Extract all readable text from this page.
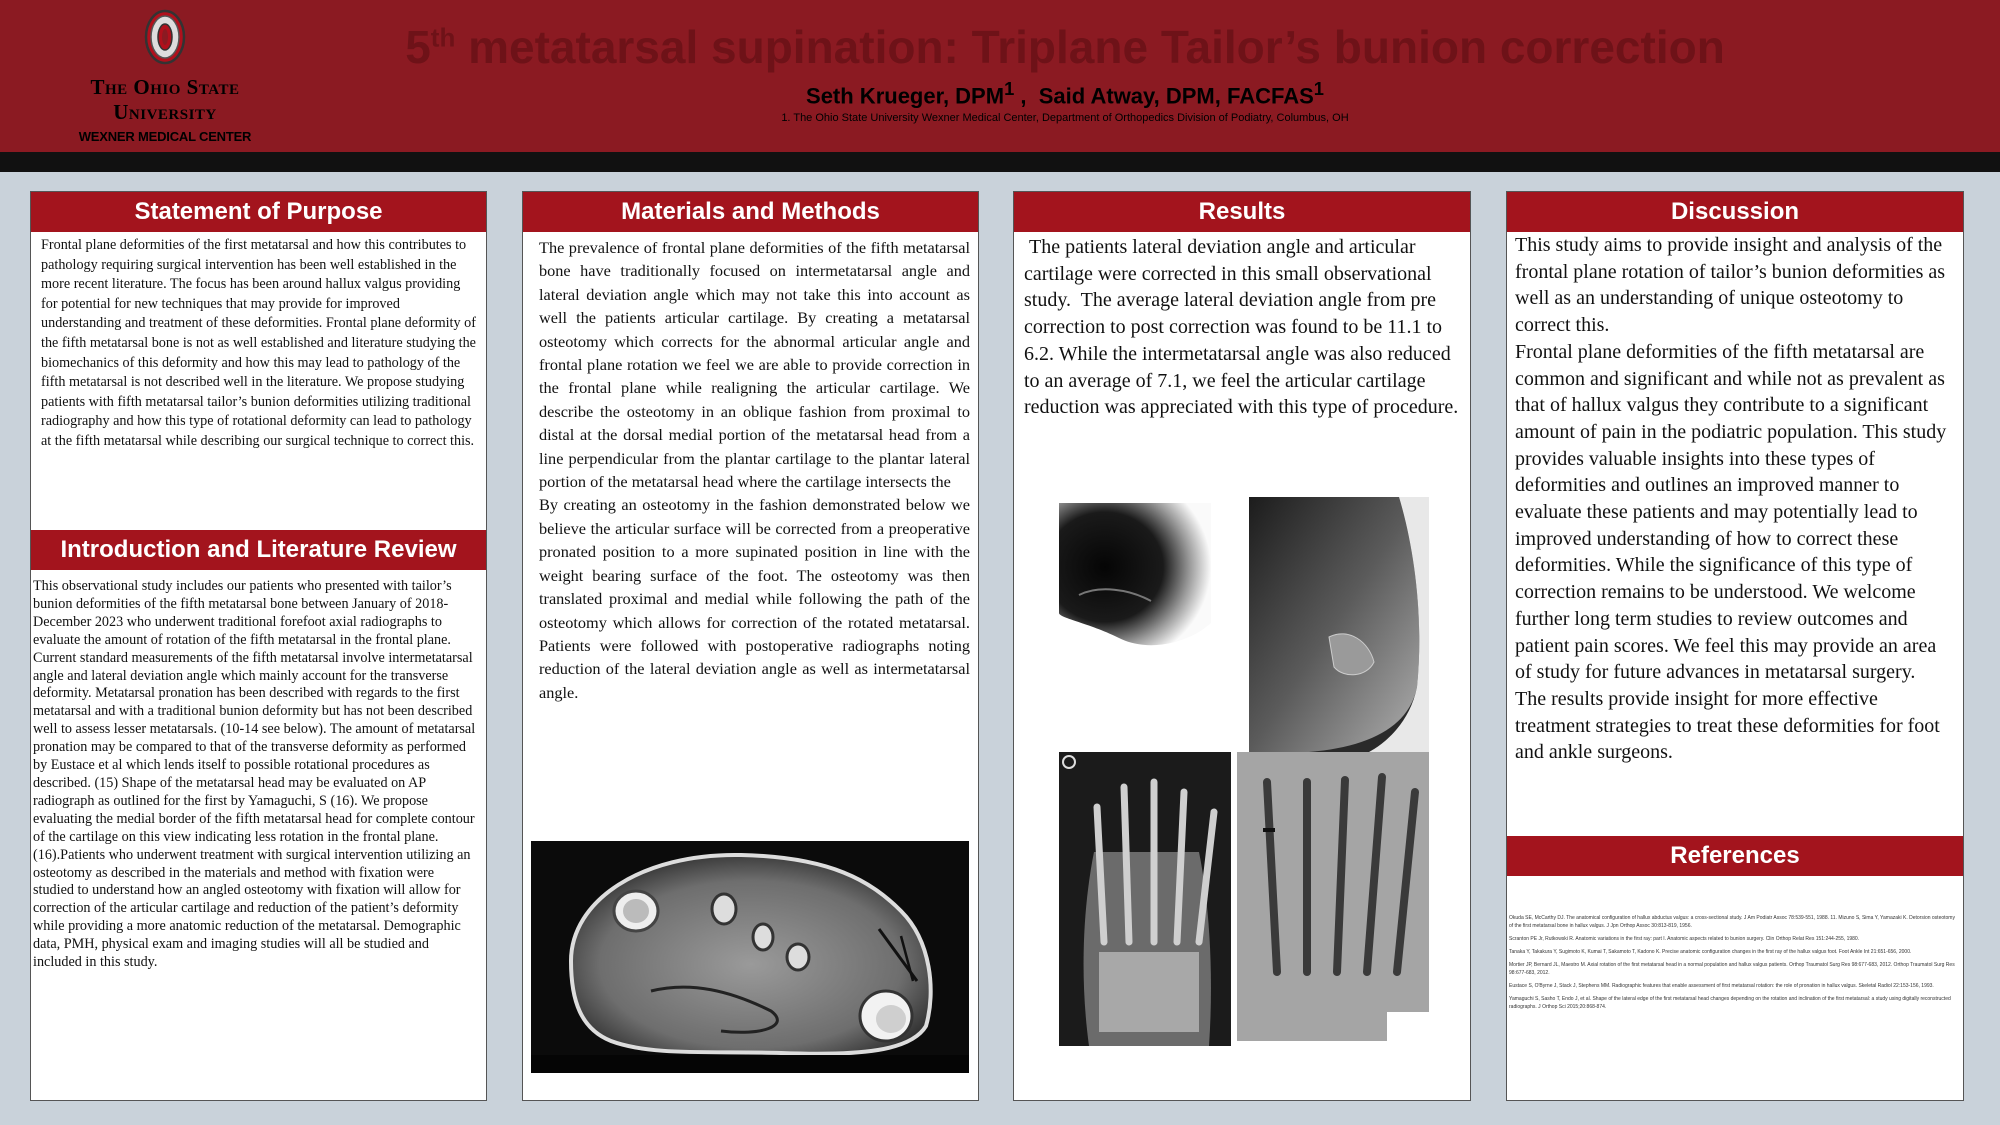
The Ohio State
University
WEXNER MEDICAL CENTER
5th metatarsal supination: Triplane Tailor’s bunion correction
Seth Krueger, DPM$^1$ ,  Said Atway, DPM, FACFAS$^1$
1. The Ohio State University Wexner Medical Center, Department of Orthopedics Division of Podiatry, Columbus, OH
Statement of Purpose
Frontal plane deformities of the first metatarsal and how this contributes to pathology requiring surgical intervention has been well established in the more recent literature. The focus has been around hallux valgus providing for potential for new techniques that may provide for improved understanding and treatment of these deformities. Frontal plane deformity of the fifth metatarsal bone is not as well established and literature studying the biomechanics of this deformity and how this may lead to pathology of the fifth metatarsal is not described well in the literature. We propose studying patients with fifth metatarsal tailor’s bunion deformities utilizing traditional radiography and how this type of rotational deformity can lead to pathology at the fifth metatarsal while describing our surgical technique to correct this.
Introduction and Literature Review
This observational study includes our patients who presented with tailor’s bunion deformities of the fifth metatarsal bone between January of 2018-December 2023 who underwent traditional forefoot axial radiographs to evaluate the amount of rotation of the fifth metatarsal in the frontal plane. Current standard measurements of the fifth metatarsal involve intermetatarsal angle and lateral deviation angle which mainly account for the transverse deformity. Metatarsal pronation has been described with regards to the first metatarsal and with a traditional bunion deformity but has not been described well to assess lesser metatarsals. (10-14 see below). The amount of metatarsal pronation may be compared to that of the transverse deformity as performed by Eustace et al which lends itself to possible rotational procedures as described. (15) Shape of the metatarsal head may be evaluated on AP radiograph as outlined for the first by Yamaguchi, S (16). We propose evaluating the medial border of the fifth metatarsal head for complete contour of the cartilage on this view indicating less rotation in the frontal plane. (16).Patients who underwent treatment with surgical intervention utilizing an osteotomy as described in the materials and method with fixation were studied to understand how an angled osteotomy with fixation will allow for correction of the articular cartilage and reduction of the patient’s deformity while providing a more anatomic reduction of the metatarsal. Demographic data, PMH, physical exam and imaging studies will all be studied and included in this study.
Materials and Methods
The prevalence of frontal plane deformities of the fifth metatarsal bone have traditionally focused on intermetatarsal angle and lateral deviation angle which may not take this into account as well the patients articular cartilage. By creating a metatarsal osteotomy which corrects for the abnormal articular angle and frontal plane rotation we feel we are able to provide correction in the frontal plane while realigning the articular cartilage. We describe the osteotomy in an oblique fashion from proximal to distal at the dorsal medial portion of the metatarsal head from a line perpendicular from the plantar cartilage to the plantar lateral portion of the metatarsal head where the cartilage intersects the
By creating an osteotomy in the fashion demonstrated below we believe the articular surface will be corrected from a preoperative pronated position to a more supinated position in line with the weight bearing surface of the foot. The osteotomy was then translated proximal and medial while following the path of the osteotomy which allows for correction of the rotated metatarsal. Patients were followed with postoperative radiographs noting reduction of the lateral deviation angle as well as intermetatarsal angle.
Results
The patients lateral deviation angle and articular cartilage were corrected in this small observational study.  The average lateral deviation angle from pre correction to post correction was found to be 11.1 to 6.2. While the intermetatarsal angle was also reduced to an average of 7.1, we feel the articular cartilage reduction was appreciated with this type of procedure.
Discussion
This study aims to provide insight and analysis of the frontal plane rotation of tailor’s bunion deformities as well as an understanding of unique osteotomy to correct this.
Frontal plane deformities of the fifth metatarsal are common and significant and while not as prevalent as that of hallux valgus they contribute to a significant amount of pain in the podiatric population. This study provides valuable insights into these types of deformities and outlines an improved manner to evaluate these patients and may potentially lead to improved understanding of how to correct these deformities. While the significance of this type of correction remains to be understood. We welcome further long term studies to review outcomes and patient pain scores. We feel this may provide an area of study for future advances in metatarsal surgery.
The results provide insight for more effective treatment strategies to treat these deformities for foot and ankle surgeons.
References

Okuda SE, McCarthy DJ. The anatomical configuration of hallux abductus valgus: a cross-sectional study. J Am Podiatr Assoc 78:539-551, 1988. 11. Mizuno S, Sima Y, Yamazaki K. Detorsion osteotomy of the first metatarsal bone in hallux valgus. J Jpn Orthop Assoc 30:813-819, 1956.

Scranton PE Jr, Rutkowski R. Anatomic variations in the first ray: part I. Anatomic aspects related to bunion surgery. Clin Orthop Relat Res 151:244-255, 1980.

Tanaka Y, Takakura Y, Sugimoto K, Kumai T, Sakamoto T, Kadono K. Precise anatomic configuration changes in the first ray of the hallux valgus foot. Foot Ankle Int 21:651-656, 2000.

Mortier JP, Bernard JL, Maestro M. Axial rotation of the first metatarsal head in a normal population and hallux valgus patients. Orthop Traumatol Surg Res 98:677-683, 2012. Orthop Traumatol Surg Res 98:677-683, 2012.

Eustace S, O'Byrne J, Stack J, Stephens MM. Radiographic features that enable assessment of first metatarsal rotation: the role of pronation in hallux valgus. Skeletal Radiol 22:153-156, 1993.

Yamaguchi S, Sasho T, Endo J, et al. Shape of the lateral edge of the first metatarsal head changes depending on the rotation and inclination of the first metatarsal: a study using digitally reconstructed radiographs. J Orthop Sci 2015;20:868-874.
